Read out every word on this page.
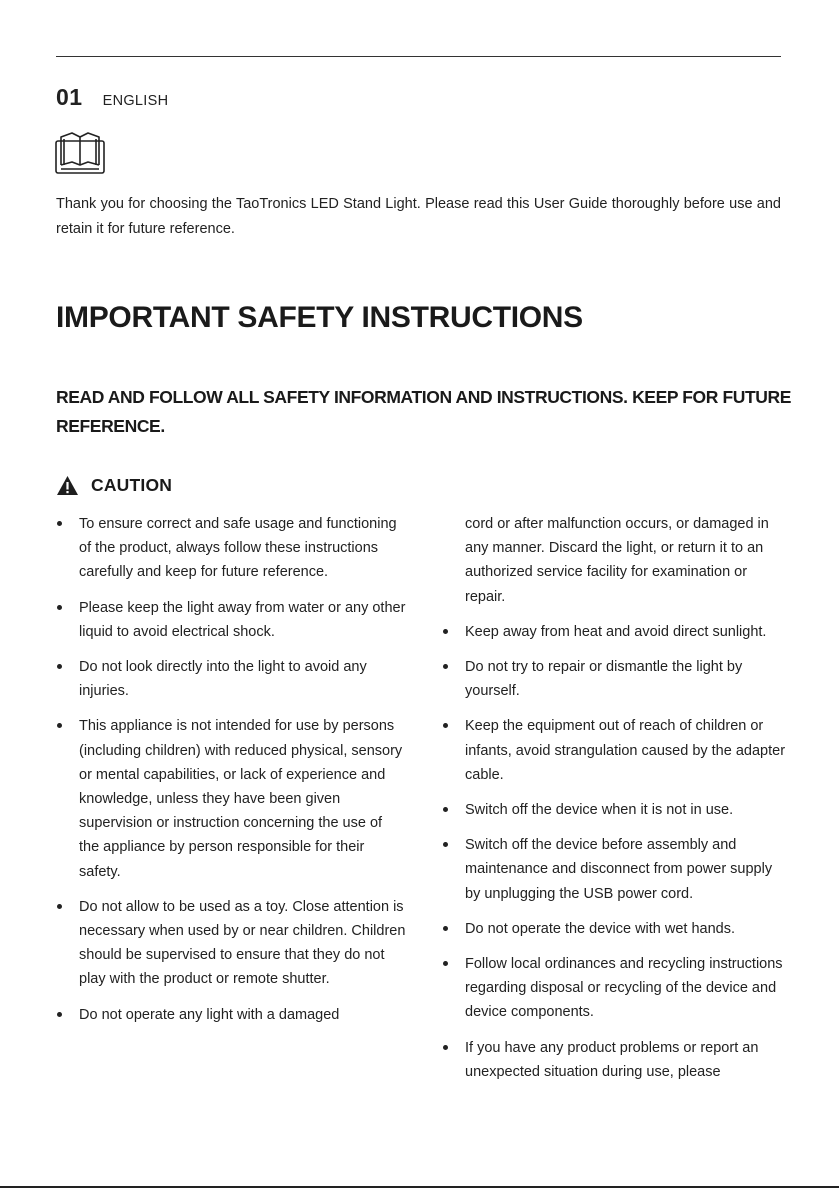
01 ENGLISH

Thank you for choosing the TaoTronics LED Stand Light. Please read this User Guide thoroughly before use and retain it for future reference.

IMPORTANT SAFETY INSTRUCTIONS
READ AND FOLLOW ALL SAFETY INFORMATION AND INSTRUCTIONS. KEEP FOR FUTURE REFERENCE.
CAUTION
To ensure correct and safe usage and functioning of the product, always follow these instructions carefully and keep for future reference.
Please keep the light away from water or any other liquid to avoid electrical shock.
Do not look directly into the light to avoid any injuries.
This appliance is not intended for use by persons (including children) with reduced physical, sensory or mental capabilities, or lack of experience and knowledge, unless they have been given supervision or instruction concerning the use of the appliance by person responsible for their safety.
Do not allow to be used as a toy. Close attention is necessary when used by or near children. Children should be supervised to ensure that they do not play with the product or remote shutter.
Do not operate any light with a damaged
cord or after malfunction occurs, or damaged in any manner. Discard the light, or return it to an authorized service facility for examination or repair.
Keep away from heat and avoid direct sunlight.
Do not try to repair or dismantle the light by yourself.
Keep the equipment out of reach of children or infants, avoid strangulation caused by the adapter cable.
Switch off the device when it is not in use.
Switch off the device before assembly and maintenance and disconnect from power supply by unplugging the USB power cord.
Do not operate the device with wet hands.
Follow local ordinances and recycling instructions regarding disposal or recycling of the device and device components.
If you have any product problems or report an unexpected situation during use, please
